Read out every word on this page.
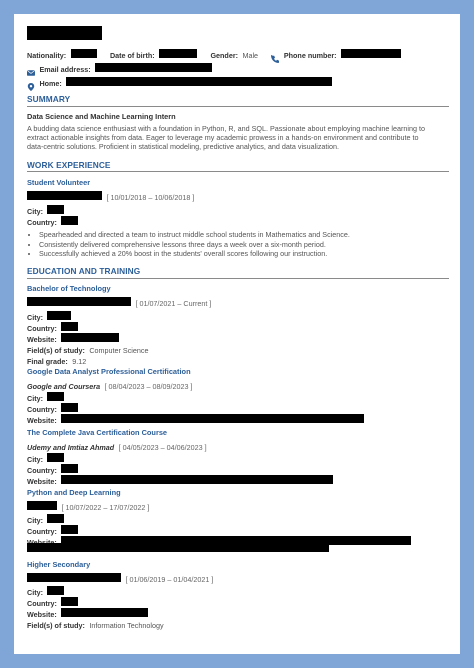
Nationality:	Date of birth:	Gender: Male	Phone number:
Email address:
Home:
SUMMARY
Data Science and Machine Learning Intern
A budding data science enthusiast with a foundation in Python, R, and SQL. Passionate about employing machine learning to
extract actionable insights from data. Eager to leverage my academic prowess in a hands-on environment and contribute to
data-centric solutions. Proficient in statistical modeling, predictive analytics, and data visualization.
WORK EXPERIENCE
Student Volunteer
[ 10/01/2018 – 10/06/2018 ]
City:
Country:
• Spearheaded and directed a team to instruct middle school students in Mathematics and Science.
• Consistently delivered comprehensive lessons three days a week over a six-month period.
• Successfully achieved a 20% boost in the students' overall scores following our instruction.
EDUCATION AND TRAINING
Bachelor of Technology
[ 01/07/2021 – Current ]
City:
Country:
Website:
Field(s) of study: Computer Science
Final grade: 9.12
Google Data Analyst Professional Certification
Google and Coursera [ 08/04/2023 – 08/09/2023 ]
City:
Country:
Website:
The Complete Java Certification Course
Udemy and Imtiaz Ahmad [ 04/05/2023 – 04/06/2023 ]
City:
Country:
Website:
Python and Deep Learning
[ 10/07/2022 – 17/07/2022 ]
City:
Country:
Higher Secondary
[ 01/06/2019 – 01/04/2021 ]
City:
Country:
Website:
Field(s) of study: Information Technology
